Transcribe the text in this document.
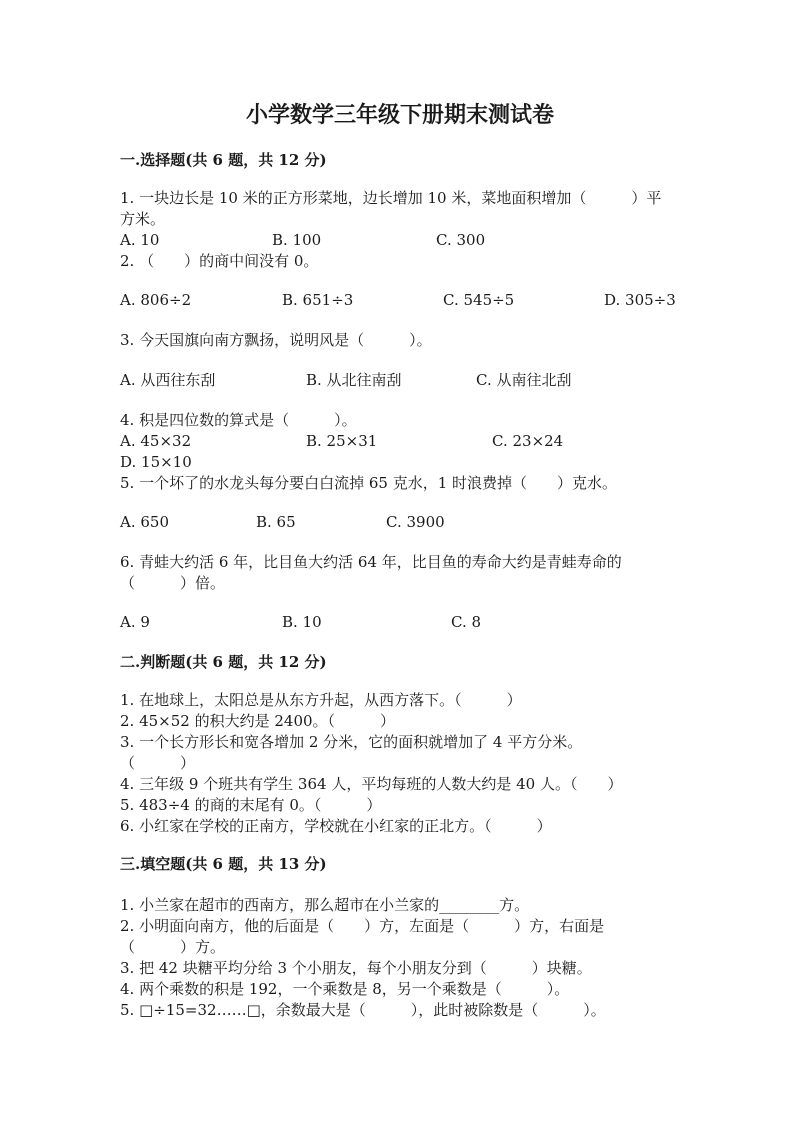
小学数学三年级下册期末测试卷
一.选择题(共 6 题，共 12 分)
1. 一块边长是 10 米的正方形菜地，边长增加 10 米，菜地面积增加（　　　）平
方米。
A. 10	B. 100	C. 300
2. （　　）的商中间没有 0。
A. 806÷2	B. 651÷3	C. 545÷5	D. 305÷3
3. 今天国旗向南方飘扬，说明风是（　　　）。
A. 从西往东刮	B. 从北往南刮	C. 从南往北刮
4. 积是四位数的算式是（　　　）。
A. 45×32	B. 25×31	C. 23×24
D. 15×10
5. 一个坏了的水龙头每分要白白流掉 65 克水，1 时浪费掉（　　）克水。
A. 650	B. 65	C. 3900
6. 青蛙大约活 6 年，比目鱼大约活 64 年，比目鱼的寿命大约是青蛙寿命的
（　　　）倍。
A. 9	B. 10	C. 8
二.判断题(共 6 题，共 12 分)
1. 在地球上，太阳总是从东方升起，从西方落下。（　　　）
2. 45×52 的积大约是 2400。（　　　）
3. 一个长方形长和宽各增加 2 分米，它的面积就增加了 4 平方分米。
（　　　）
4. 三年级 9 个班共有学生 364 人，平均每班的人数大约是 40 人。（　　）
5. 483÷4 的商的末尾有 0。（　　　）
6. 小红家在学校的正南方，学校就在小红家的正北方。（　　　）
三.填空题(共 6 题，共 13 分)
1. 小兰家在超市的西南方，那么超市在小兰家的________方。
2. 小明面向南方，他的后面是（　　）方，左面是（　　　）方，右面是
（　　　）方。
3. 把 42 块糖平均分给 3 个小朋友，每个小朋友分到（　　　）块糖。
4. 两个乘数的积是 192，一个乘数是 8，另一个乘数是（　　　）。
5. □÷15=32……□，余数最大是（　　　），此时被除数是（　　　）。
